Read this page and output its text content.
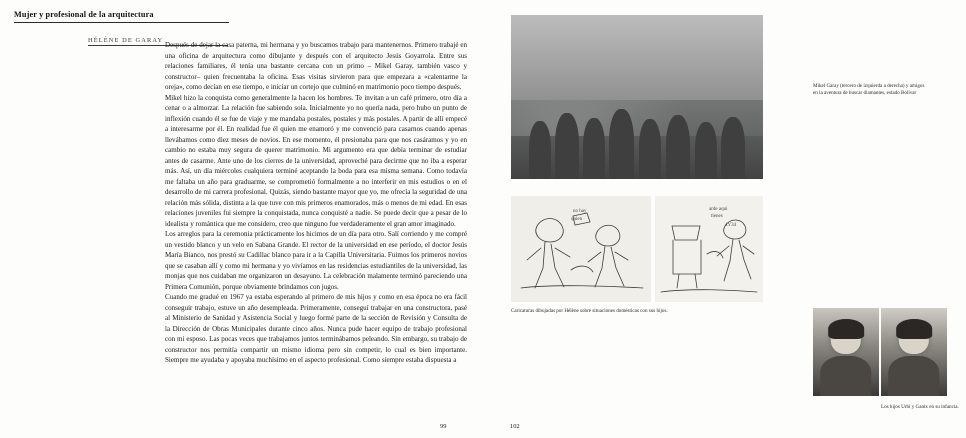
Mujer y profesional de la arquitectura
HÉLÈNE DE GARAY

Después de dejar la casa paterna, mi hermana y yo buscamos trabajo para mantenernos. Primero trabajé en una oficina de arquitectura como dibujante y después con el arquitecto Jesús Goyarrola. Entre sus relaciones familiares, él tenía una bastante cercana con un primo – Mikel Garay, también vasco y constructor– quien frecuentaba la oficina. Esas visitas sirvieron para que empezara a «calentarme la oreja», como decían en ese tiempo, e iniciar un cortejo que culminó en matrimonio poco tiempo después.

Mikel hizo la conquista como generalmente la hacen los hombres. Te invitan a un café primero, otro día a cenar o a almorzar. La relación fue sabiendo sola. Inicialmente yo no quería nada, pero hubo un punto de inflexión cuando él se fue de viaje y me mandaba postales, postales y más postales. A partir de allí empecé a interesarme por él. En realidad fue él quien me enamoró y me convenció para casarnos cuando apenas llevábamos como diez meses de novios. En ese momento, él presionaba para que nos casáramos y yo en cambio no estaba muy segura de querer matrimonio. Mi argumento era que debía terminar de estudiar antes de casarme. Ante uno de los cierres de la universidad, aproveché para decirme que no iba a esperar más. Así, un día miércoles cualquiera terminé aceptando la boda para esa misma semana. Como todavía me faltaba un año para graduarme, se comprometió formalmente a no interferir en mis estudios o en el desarrollo de mi carrera profesional. Quizás, siendo bastante mayor que yo, me ofrecía la seguridad de una relación más sólida, distinta a la que tuve con mis primeros enamorados, más o menos de mi edad. En esas relaciones juveniles fui siempre la conquistada, nunca conquisté a nadie. Se puede decir que a pesar de lo idealista y romántica que me considero, creo que ninguno fue verdaderamente el gran amor imaginado.

Los arreglos para la ceremonia prácticamente los hicimos de un día para otro. Salí corriendo y me compré un vestido blanco y un velo en Sabana Grande. El rector de la universidad en ese período, el doctor Jesús María Bianco, nos prestó su Cadillac blanco para ir a la Capilla Universitaria. Fuimos los primeros novios que se casaban allí y como mi hermana y yo vivíamos en las residencias estudiantiles de la universidad, las monjas que nos cuidaban me organizaron un desayuno. La celebración malamente terminó pareciendo una Primera Comunión, porque obviamente brindamos con jugos.

Cuando me gradué en 1967 ya estaba esperando al primero de mis hijos y como en esa época no era fácil conseguir trabajo, estuve un año desempleada. Primeramente, conseguí trabajar en una constructora, pasé al Ministerio de Sanidad y Asistencia Social y luego formé parte de la sección de Revisión y Consulta de la Dirección de Obras Municipales durante cinco años. Nunca pude hacer equipo de trabajo profesional con mi esposo. Las pocas veces que trabajamos juntos terminábamos peleando. Sin embargo, su trabajo de constructor nos permitía compartir un mismo idioma pero sin competir, lo cual es bien importante. Siempre me ayudaba y apoyaba muchísimo en el aspecto profesional. Como siempre estaba dispuesta a

99
Mikel Garay (tercero de izquierda a derecha) y amigos en la aventura de buscar diamantes, estado Bolívar
no hay
quien
arde aqui
tienes
4Y34
Caricaturas dibujadas por Hélène sobre situaciones domésticas con sus hijos.
Los hijos Urbi y Ganix en su infancia.
102
